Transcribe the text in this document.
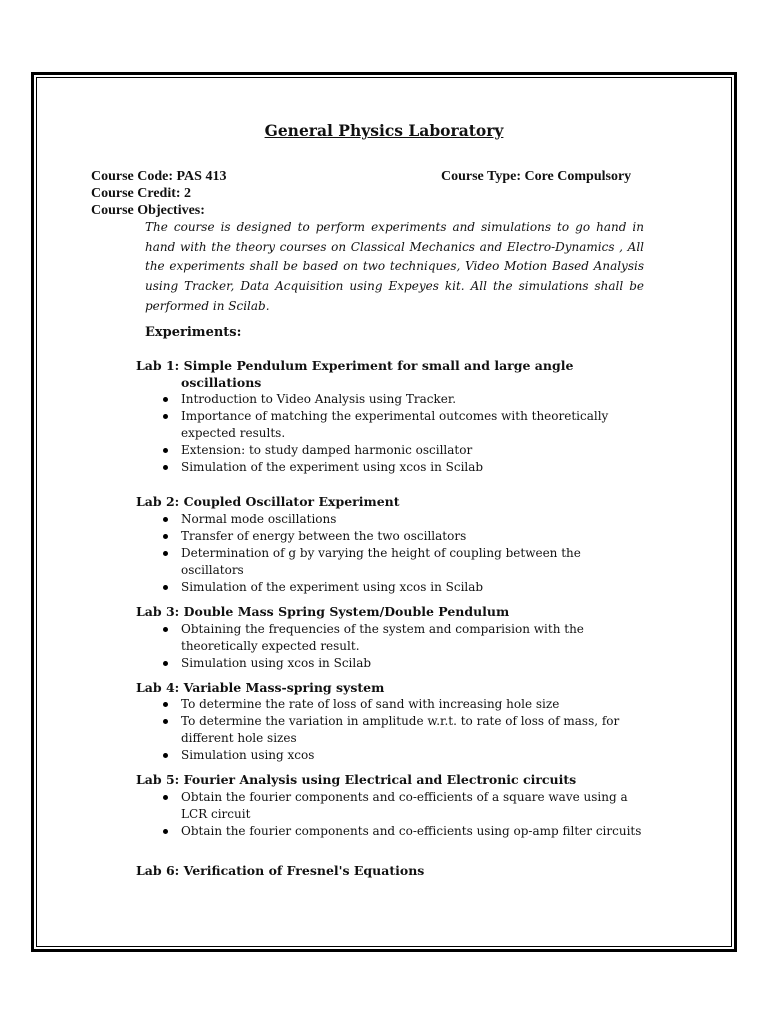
General Physics Laboratory
Course Code: PAS 413	Course Type: Core Compulsory
Course Credit: 2
Course Objectives:
The course is designed to perform experiments and simulations to go hand in hand with the theory courses on Classical Mechanics and Electro-Dynamics , All the experiments shall be based on two techniques, Video Motion Based Analysis using Tracker, Data Acquisition using Expeyes kit. All the simulations shall be performed in Scilab.
Experiments:
Lab 1: Simple Pendulum Experiment for small and large angle
oscillations
Introduction to Video Analysis using Tracker.
Importance of matching the experimental outcomes with theoretically expected results.
Extension: to study damped harmonic oscillator
Simulation of the experiment using xcos in Scilab
Lab 2: Coupled Oscillator Experiment
Normal mode oscillations
Transfer of energy between the two oscillators
Determination of g by varying the height of coupling between the oscillators
Simulation of the experiment using xcos in Scilab
Lab 3: Double Mass Spring System/Double Pendulum
Obtaining the frequencies of the system and comparision with the theoretically expected result.
Simulation using xcos in Scilab
Lab 4: Variable Mass-spring system
To determine the rate of loss of sand with increasing hole size
To determine the variation in amplitude w.r.t. to rate of loss of mass, for different hole sizes
Simulation using xcos
Lab 5: Fourier Analysis using Electrical and Electronic circuits
Obtain the fourier components and co-efficients of a square wave using a LCR circuit
Obtain the fourier components and co-efficients using op-amp filter circuits
Lab 6: Verification of Fresnel's Equations
